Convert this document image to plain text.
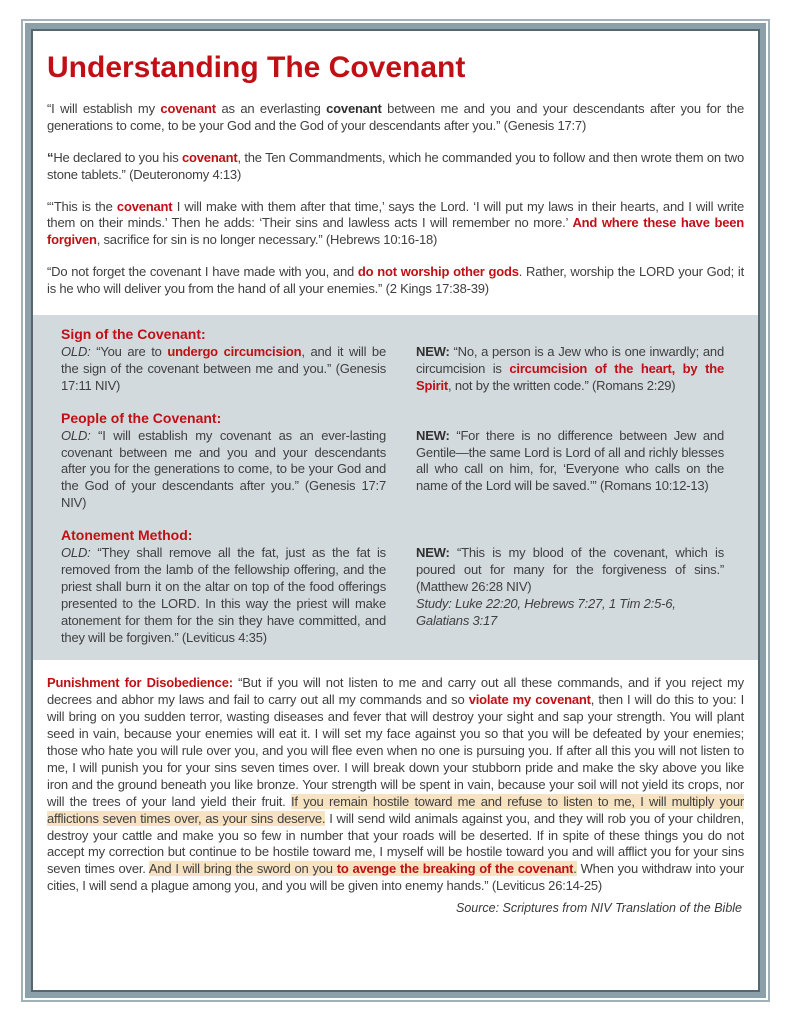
Understanding The Covenant

“I will establish my covenant as an everlasting covenant between me and you and your descendants after you for the generations to come, to be your God and the God of your descendants after you.” (Genesis 17:7)

“He declared to you his covenant, the Ten Commandments, which he commanded you to follow and then wrote them on two stone tablets.” (Deuteronomy 4:13)

“‘This is the covenant I will make with them after that time,’ says the Lord. ‘I will put my laws in their hearts, and I will write them on their minds.’ Then he adds: ‘Their sins and lawless acts I will remember no more.’ And where these have been forgiven, sacrifice for sin is no longer necessary.” (Hebrews 10:16-18)

“Do not forget the covenant I have made with you, and do not worship other gods. Rather, worship the LORD your God; it is he who will deliver you from the hand of all your enemies.” (2 Kings 17:38-39)

Sign of the Covenant:

OLD: “You are to undergo circumcision, and it will be the sign of the covenant between me and you.” (Genesis 17:11 NIV)

NEW: “No, a person is a Jew who is one inwardly; and circumcision is circumcision of the heart, by the Spirit, not by the written code.” (Romans 2:29)

People of the Covenant:

OLD: “I will establish my covenant as an ever-lasting covenant between me and you and your descendants after you for the generations to come, to be your God and the God of your descendants after you.” (Genesis 17:7 NIV)

NEW: “For there is no difference between Jew and Gentile—the same Lord is Lord of all and richly blesses all who call on him, for, ‘Everyone who calls on the name of the Lord will be saved.’” (Romans 10:12-13)

Atonement Method:

OLD: “They shall remove all the fat, just as the fat is removed from the lamb of the fellowship offering, and the priest shall burn it on the altar on top of the food offerings presented to the LORD. In this way the priest will make atonement for them for the sin they have committed, and they will be forgiven.” (Leviticus 4:35)

NEW: “This is my blood of the covenant, which is poured out for many for the forgiveness of sins.” (Matthew 26:28 NIV)

Study: Luke 22:20, Hebrews 7:27, 1 Tim 2:5-6, Galatians 3:17

Punishment for Disobedience: “But if you will not listen to me and carry out all these commands, and if you reject my decrees and abhor my laws and fail to carry out all my commands and so violate my covenant, then I will do this to you: I will bring on you sudden terror, wasting diseases and fever that will destroy your sight and sap your strength. You will plant seed in vain, because your enemies will eat it. I will set my face against you so that you will be defeated by your enemies; those who hate you will rule over you, and you will flee even when no one is pursuing you. If after all this you will not listen to me, I will punish you for your sins seven times over. I will break down your stubborn pride and make the sky above you like iron and the ground beneath you like bronze. Your strength will be spent in vain, because your soil will not yield its crops, nor will the trees of your land yield their fruit. If you remain hostile toward me and refuse to listen to me, I will multiply your afflictions seven times over, as your sins deserve. I will send wild animals against you, and they will rob you of your children, destroy your cattle and make you so few in number that your roads will be deserted. If in spite of these things you do not accept my correction but continue to be hostile toward me, I myself will be hostile toward you and will afflict you for your sins seven times over. And I will bring the sword on you to avenge the breaking of the covenant. When you withdraw into your cities, I will send a plague among you, and you will be given into enemy hands.” (Leviticus 26:14-25)

Source: Scriptures from NIV Translation of the Bible
